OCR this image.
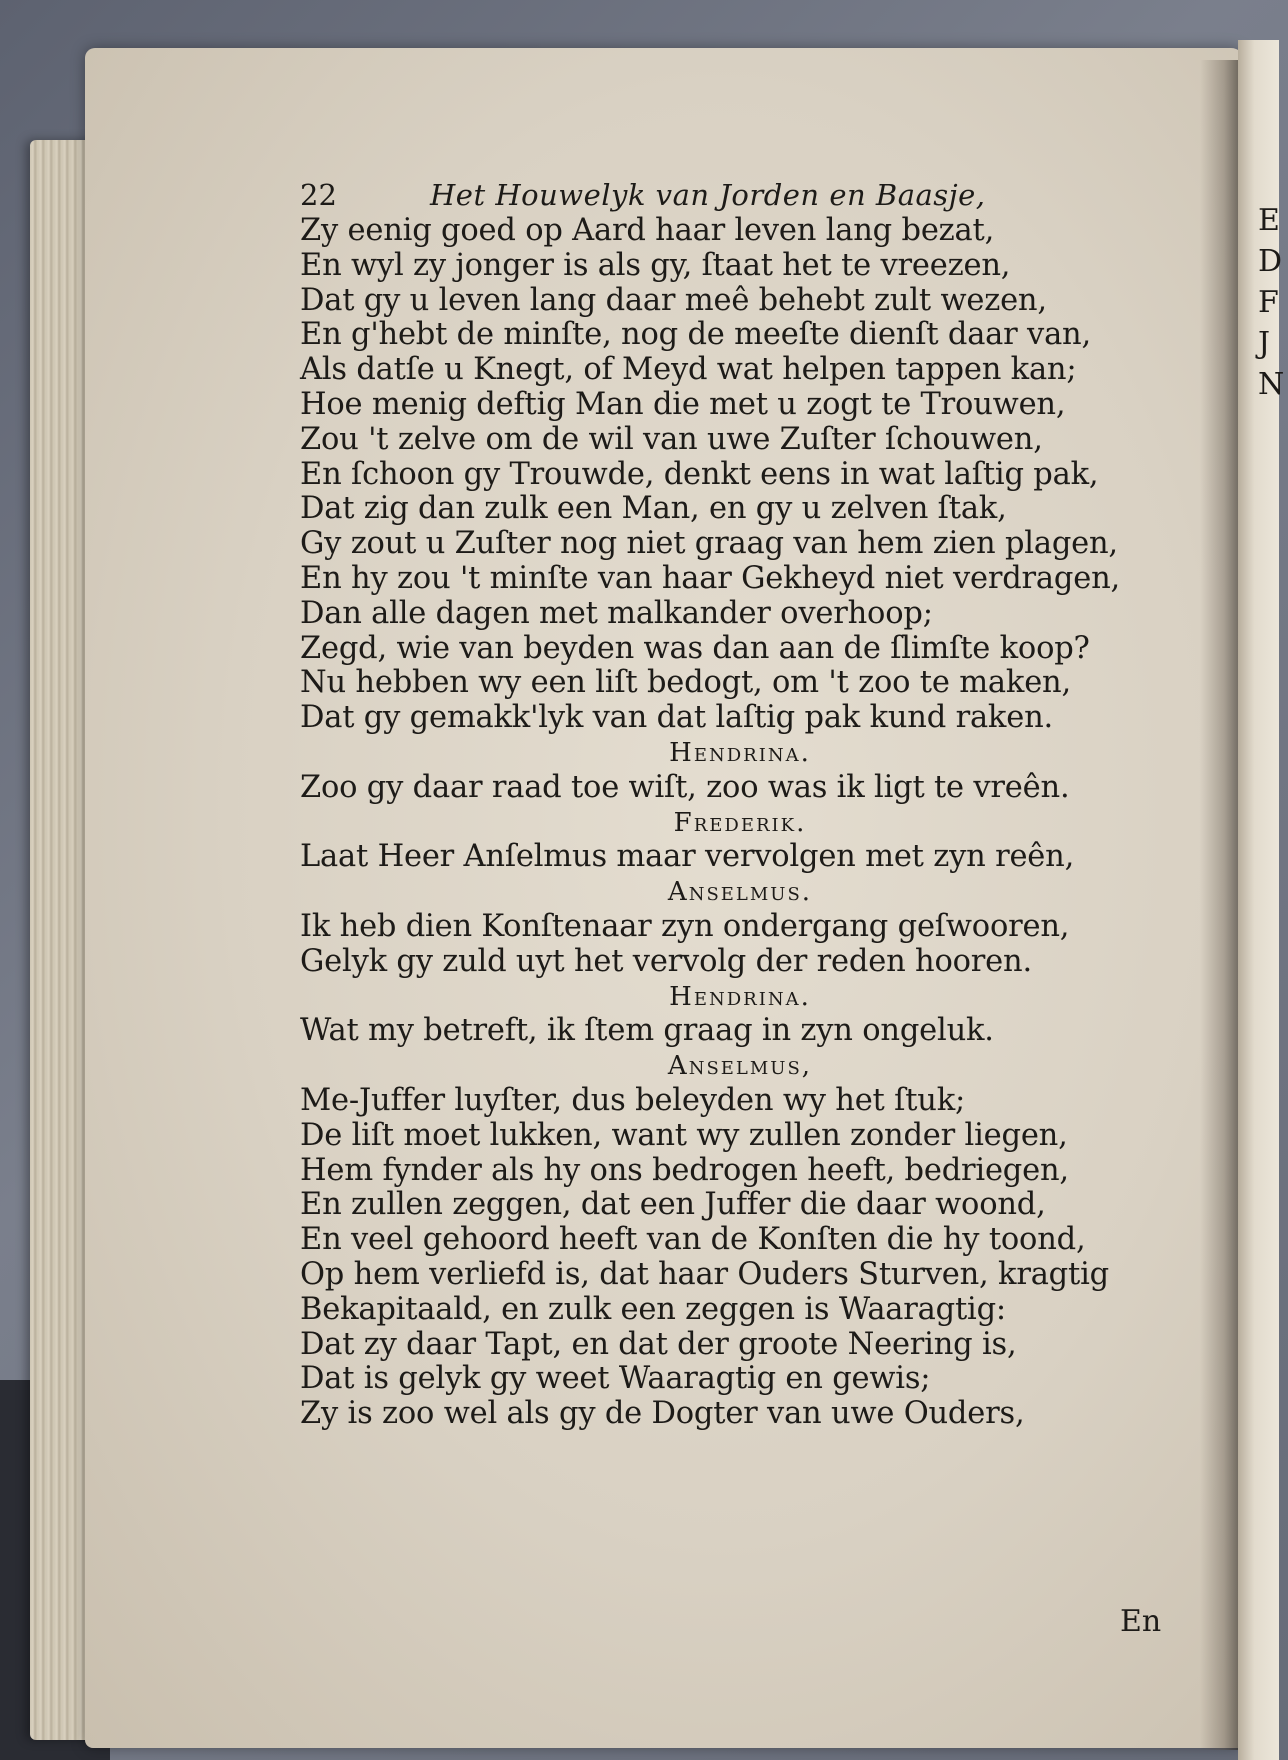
E
D
F
J
N
22	Het Houwelyk van Jorden en Baasje,
Zy eenig goed op Aard haar leven lang bezat,
En wyl zy jonger is als gy, ſtaat het te vreezen,
Dat gy u leven lang daar meê behebt zult wezen,
En g'hebt de minſte, nog de meeſte dienſt daar van,
Als datſe u Knegt, of Meyd wat helpen tappen kan;
Hoe menig deftig Man die met u zogt te Trouwen,
Zou 't zelve om de wil van uwe Zuſter ſchouwen,
En ſchoon gy Trouwde, denkt eens in wat laſtig pak,
Dat zig dan zulk een Man, en gy u zelven ſtak,
Gy zout u Zuſter nog niet graag van hem zien plagen,
En hy zou 't minſte van haar Gekheyd niet verdragen,
Dan alle dagen met malkander overhoop;
Zegd, wie van beyden was dan aan de ſlimſte koop?
Nu hebben wy een liſt bedogt, om 't zoo te maken,
Dat gy gemakk'lyk van dat laſtig pak kund raken.
Hendrina.
Zoo gy daar raad toe wiſt, zoo was ik ligt te vreên.
Frederik.
Laat Heer Anſelmus maar vervolgen met zyn reên,
Anselmus.
Ik heb dien Konſtenaar zyn ondergang geſwooren,
Gelyk gy zuld uyt het vervolg der reden hooren.
Hendrina.
Wat my betreft, ik ſtem graag in zyn ongeluk.
Anselmus,
Me-Juffer luyſter, dus beleyden wy het ſtuk;
De liſt moet lukken, want wy zullen zonder liegen,
Hem fynder als hy ons bedrogen heeft, bedriegen,
En zullen zeggen, dat een Juffer die daar woond,
En veel gehoord heeft van de Konſten die hy toond,
Op hem verliefd is, dat haar Ouders Sturven, kragtig
Bekapitaald, en zulk een zeggen is Waaragtig:
Dat zy daar Tapt, en dat der groote Neering is,
Dat is gelyk gy weet Waaragtig en gewis;
Zy is zoo wel als gy de Dogter van uwe Ouders,
En
